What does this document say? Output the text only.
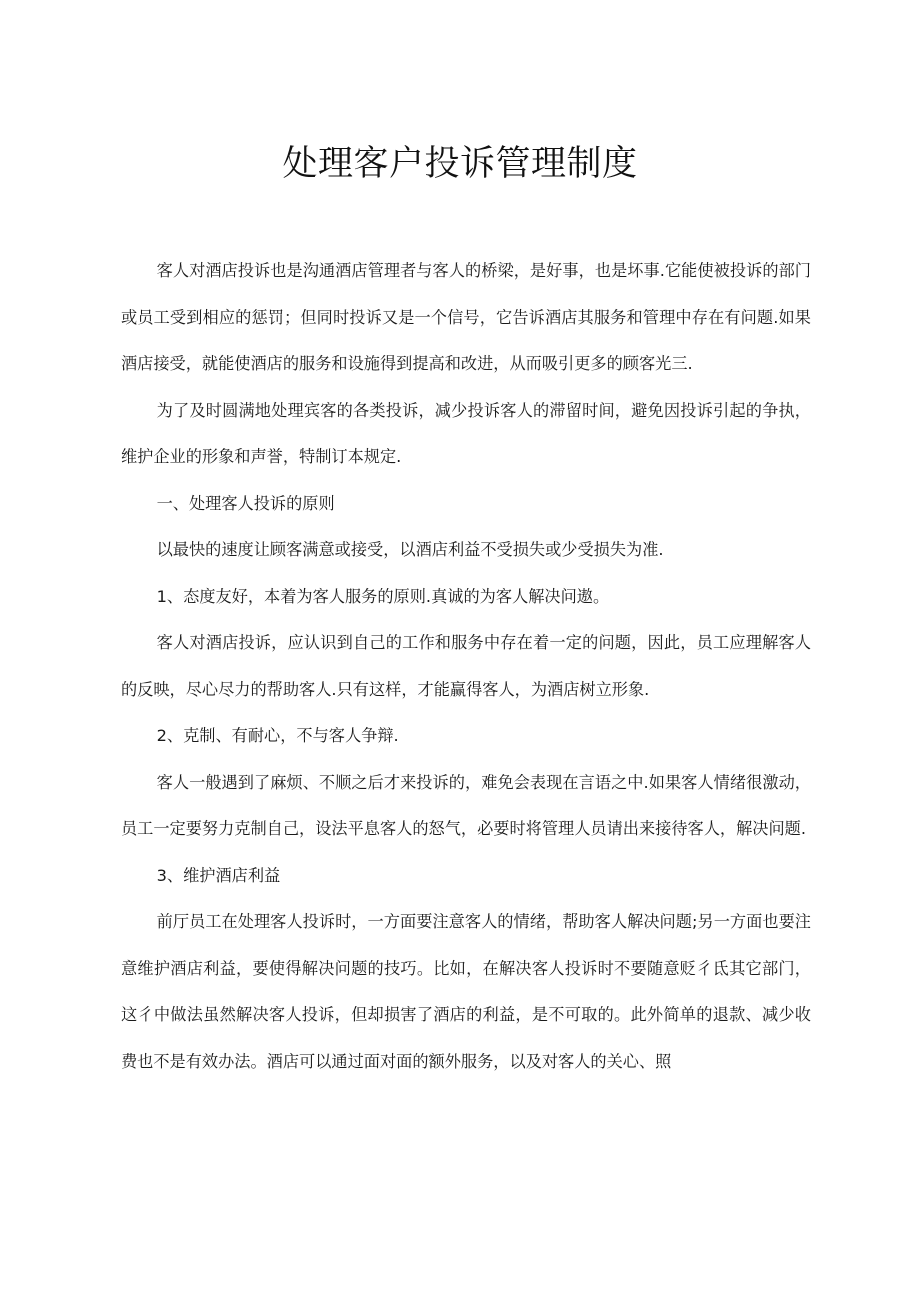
处理客户投诉管理制度

客人对酒店投诉也是沟通酒店管理者与客人的桥梁，是好事，也是坏事.它能使被投诉的部门或员工受到相应的惩罚；但同时投诉又是一个信号，它告诉酒店其服务和管理中存在有问题.如果酒店接受，就能使酒店的服务和设施得到提高和改进，从而吸引更多的顾客光三.

为了及时圆满地处理宾客的各类投诉，减少投诉客人的滞留时间，避免因投诉引起的争执，维护企业的形象和声誉，特制订本规定.

一、处理客人投诉的原则

以最快的速度让顾客满意或接受，以酒店利益不受损失或少受损失为准.

1、态度友好，本着为客人服务的原则.真诚的为客人解决问遨。

客人对酒店投诉，应认识到自己的工作和服务中存在着一定的问题，因此，员工应理解客人的反映，尽心尽力的帮助客人.只有这样，才能赢得客人，为酒店树立形象.

2、克制、有耐心，不与客人争辩.

客人一般遇到了麻烦、不顺之后才来投诉的，难免会表现在言语之中.如果客人情绪很激动，员工一定要努力克制自己，设法平息客人的怒气，必要时将管理人员请出来接待客人，解决问题.

3、维护酒店利益

前厅员工在处理客人投诉时，一方面要注意客人的情绪，帮助客人解决问题;另一方面也要注意维护酒店利益，要使得解决问题的技巧。比如，在解决客人投诉时不要随意贬彳氐其它部门，这彳中做法虽然解决客人投诉，但却损害了酒店的利益，是不可取的。此外简单的退款、减少收费也不是有效办法。酒店可以通过面对面的额外服务，以及对客人的关心、照
